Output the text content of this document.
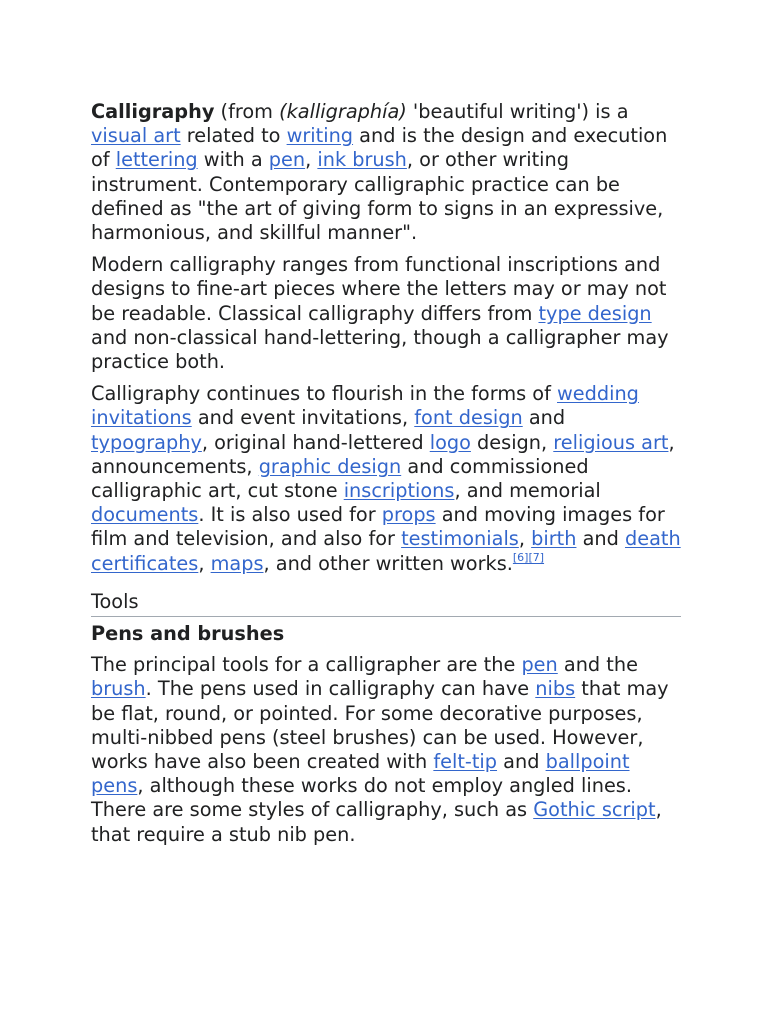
Calligraphy (from (kalligraphía) 'beautiful writing') is a visual art related to writing and is the design and execution of lettering with a pen, ink brush, or other writing instrument. Contemporary calligraphic practice can be defined as "the art of giving form to signs in an expressive, harmonious, and skillful manner".

Modern calligraphy ranges from functional inscriptions and designs to fine-art pieces where the letters may or may not be readable. Classical calligraphy differs from type design and non-classical hand-lettering, though a calligrapher may practice both.

Calligraphy continues to flourish in the forms of wedding invitations and event invitations, font design and typography, original hand-lettered logo design, religious art, announcements, graphic design and commissioned calligraphic art, cut stone inscriptions, and memorial documents. It is also used for props and moving images for film and television, and also for testimonials, birth and death certificates, maps, and other written works.[6][7]

Tools
Pens and brushes

The principal tools for a calligrapher are the pen and the brush. The pens used in calligraphy can have nibs that may be flat, round, or pointed. For some decorative purposes, multi-nibbed pens (steel brushes) can be used. However, works have also been created with felt-tip and ballpoint pens, although these works do not employ angled lines. There are some styles of calligraphy, such as Gothic script, that require a stub nib pen.
